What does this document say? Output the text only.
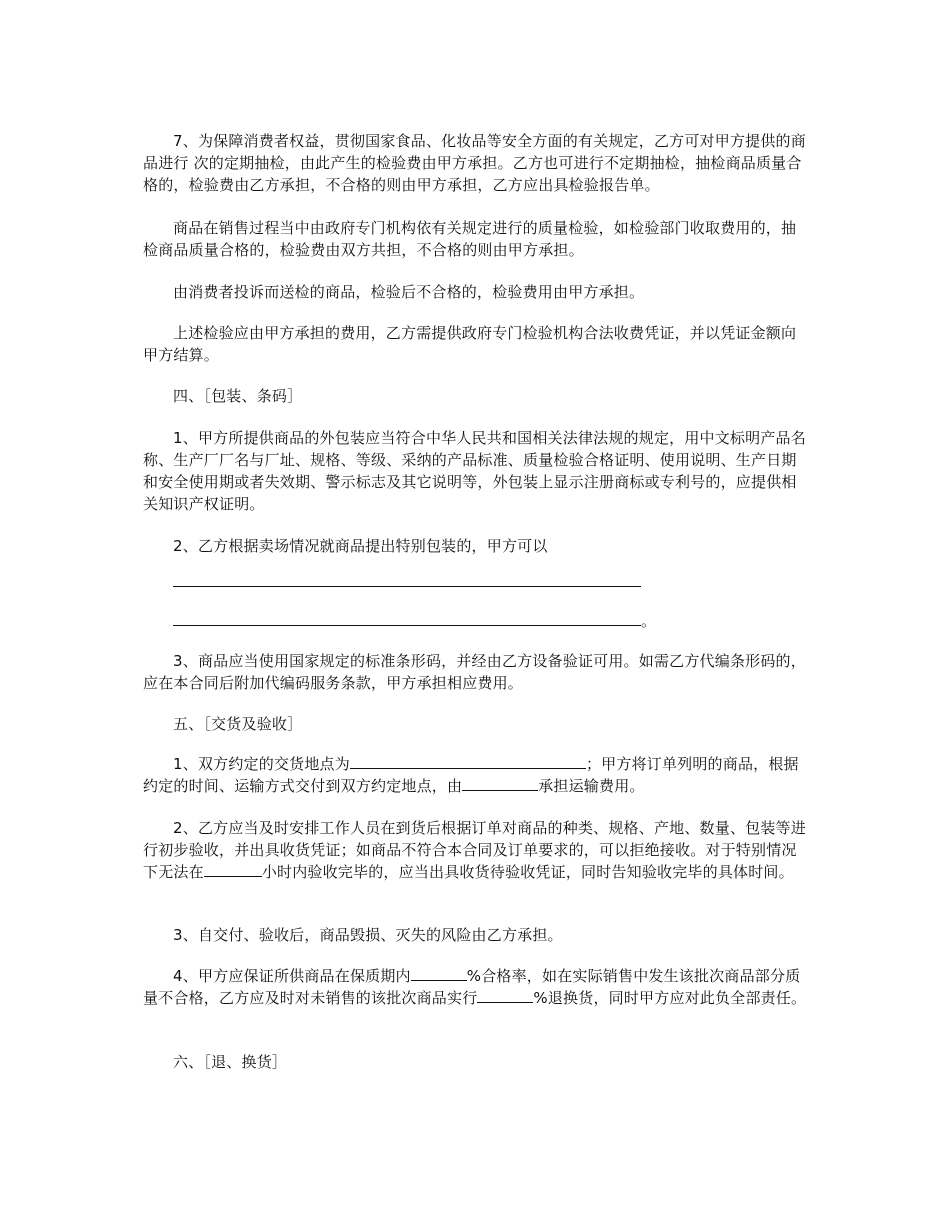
7、为保障消费者权益，贯彻国家食品、化妆品等安全方面的有关规定，乙方可对甲方提供的商品进行 次的定期抽检，由此产生的检验费由甲方承担。乙方也可进行不定期抽检，抽检商品质量合格的，检验费由乙方承担，不合格的则由甲方承担，乙方应出具检验报告单。

商品在销售过程当中由政府专门机构依有关规定进行的质量检验，如检验部门收取费用的，抽检商品质量合格的，检验费由双方共担，不合格的则由甲方承担。

由消费者投诉而送检的商品，检验后不合格的，检验费用由甲方承担。

上述检验应由甲方承担的费用，乙方需提供政府专门检验机构合法收费凭证，并以凭证金额向甲方结算。

四、［包装、条码］

1、甲方所提供商品的外包装应当符合中华人民共和国相关法律法规的规定，用中文标明产品名称、生产厂厂名与厂址、规格、等级、采纳的产品标准、质量检验合格证明、使用说明、生产日期和安全使用期或者失效期、警示标志及其它说明等，外包装上显示注册商标或专利号的，应提供相关知识产权证明。

2、乙方根据卖场情况就商品提出特别包装的，甲方可以

。

3、商品应当使用国家规定的标准条形码，并经由乙方设备验证可用。如需乙方代编条形码的，应在本合同后附加代编码服务条款，甲方承担相应费用。

五、［交货及验收］

1、双方约定的交货地点为	；甲方将订单列明的商品，根据约定的时间、运输方式交付到双方约定地点，由	承担运输费用。

2、乙方应当及时安排工作人员在到货后根据订单对商品的种类、规格、产地、数量、包装等进行初步验收，并出具收货凭证；如商品不符合本合同及订单要求的，可以拒绝接收。对于特别情况下无法在	小时内验收完毕的，应当出具收货待验收凭证，同时告知验收完毕的具体时间。

3、自交付、验收后，商品毁损、灭失的风险由乙方承担。

4、甲方应保证所供商品在保质期内	%合格率，如在实际销售中发生该批次商品部分质量不合格，乙方应及时对未销售的该批次商品实行	%退换货，同时甲方应对此负全部责任。

六、［退、换货］
